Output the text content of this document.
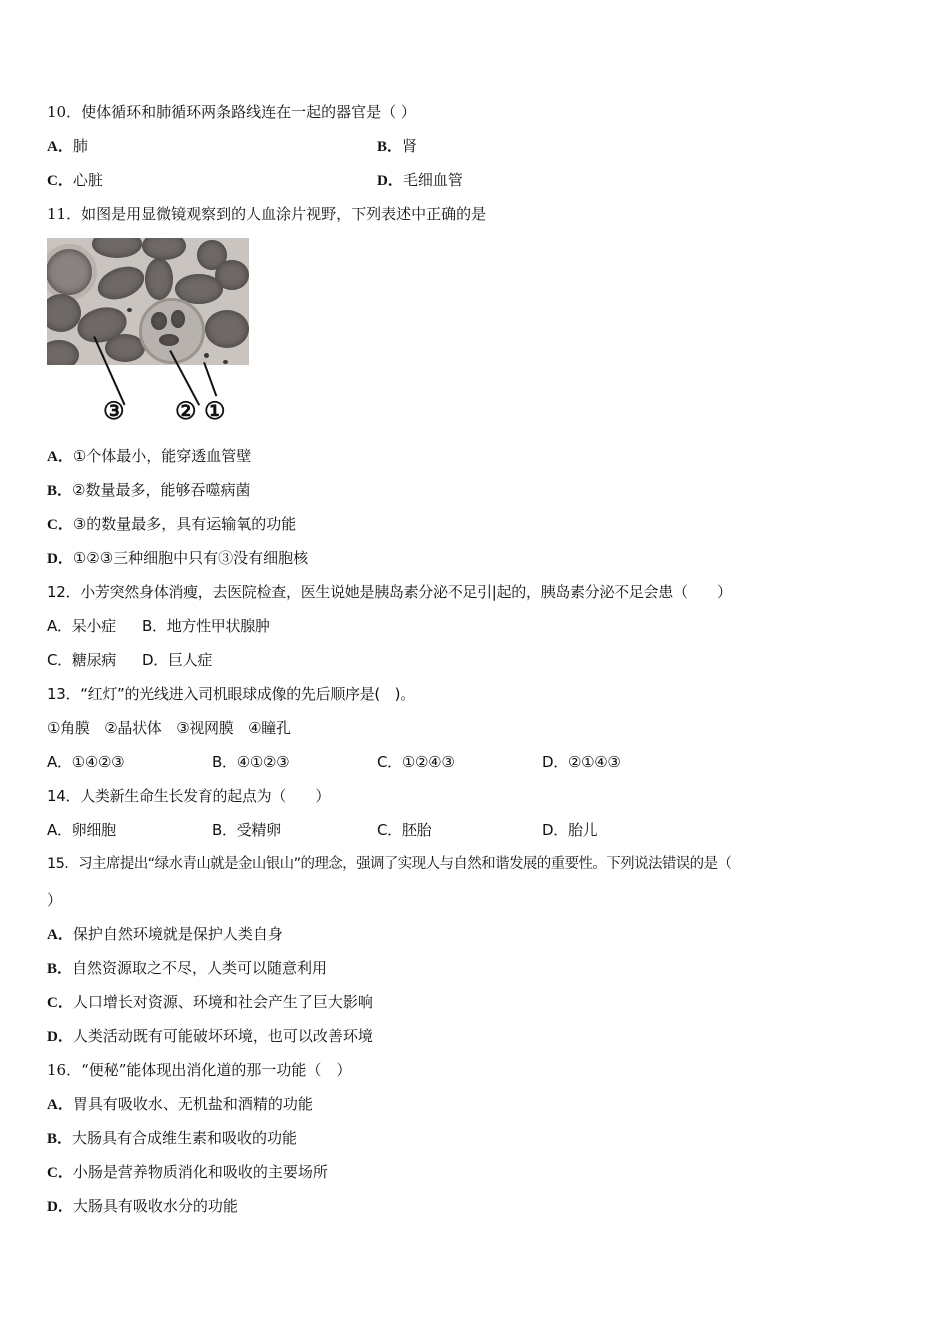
10．使体循环和肺循环两条路线连在一起的器官是（ ）
A．肺	B．肾
C．心脏	D．毛细血管
11．如图是用显微镜观察到的人血涂片视野，下列表述中正确的是
③ ② ①
A．①个体最小，能穿透血管壁
B．②数量最多，能够吞噬病菌
C．③的数量最多，具有运输氧的功能
D．①②③三种细胞中只有③没有细胞核
12．小芳突然身体消瘦，去医院检查，医生说她是胰岛素分泌不足引|起的，胰岛素分泌不足会患（　　）
A．呆小症 B．地方性甲状腺肿
C．糖尿病 D．巨人症
13．“红灯”的光线进入司机眼球成像的先后顺序是(　)。
①角膜　②晶状体　③视网膜　④瞳孔
A．①④②③	B．④①②③	C．①②④③	D．②①④③
14．人类新生命生长发育的起点为（　　）
A．卵细胞	B．受精卵	C．胚胎	D．胎儿
15．习主席提出“绿水青山就是金山银山”的理念，强调了实现人与自然和谐发展的重要性。下列说法错误的是（
）
A．保护自然环境就是保护人类自身
B．自然资源取之不尽，人类可以随意利用
C．人口增长对资源、环境和社会产生了巨大影响
D．人类活动既有可能破坏环境，也可以改善环境
16．“便秘”能体现出消化道的那一功能（　）
A．胃具有吸收水、无机盐和酒精的功能
B．大肠具有合成维生素和吸收的功能
C．小肠是营养物质消化和吸收的主要场所
D．大肠具有吸收水分的功能
